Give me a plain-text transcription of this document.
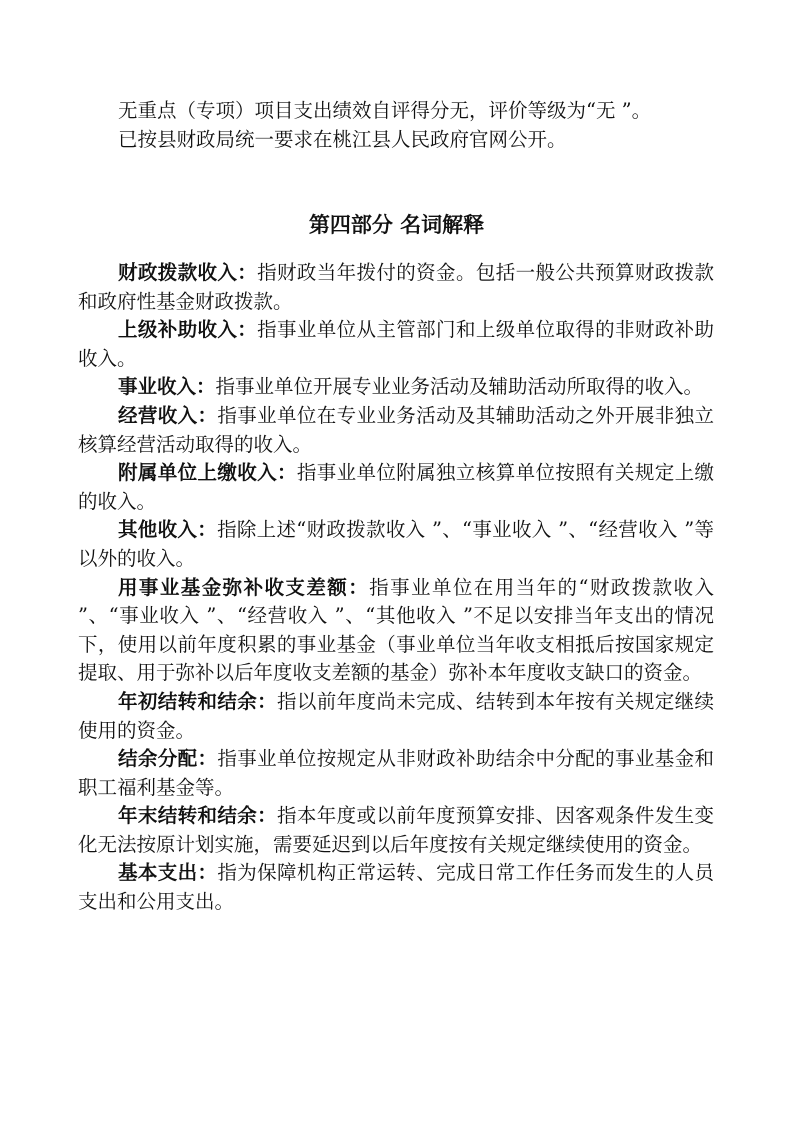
无重点（专项）项目支出绩效自评得分无，评价等级为“无 ”。

已按县财政局统一要求在桃江县人民政府官网公开。

第四部分 名词解释

财政拨款收入：指财政当年拨付的资金。包括一般公共预算财政拨款和政府性基金财政拨款。

上级补助收入：指事业单位从主管部门和上级单位取得的非财政补助收入。

事业收入：指事业单位开展专业业务活动及辅助活动所取得的收入。

经营收入：指事业单位在专业业务活动及其辅助活动之外开展非独立核算经营活动取得的收入。

附属单位上缴收入：指事业单位附属独立核算单位按照有关规定上缴的收入。

其他收入：指除上述“财政拨款收入 ”、“事业收入 ”、“经营收入 ”等以外的收入。

用事业基金弥补收支差额：指事业单位在用当年的“财政拨款收入 ”、“事业收入 ”、“经营收入 ”、“其他收入 ”不足以安排当年支出的情况下，使用以前年度积累的事业基金（事业单位当年收支相抵后按国家规定提取、用于弥补以后年度收支差额的基金）弥补本年度收支缺口的资金。

年初结转和结余：指以前年度尚未完成、结转到本年按有关规定继续使用的资金。

结余分配：指事业单位按规定从非财政补助结余中分配的事业基金和职工福利基金等。

年末结转和结余：指本年度或以前年度预算安排、因客观条件发生变化无法按原计划实施，需要延迟到以后年度按有关规定继续使用的资金。

基本支出：指为保障机构正常运转、完成日常工作任务而发生的人员支出和公用支出。
